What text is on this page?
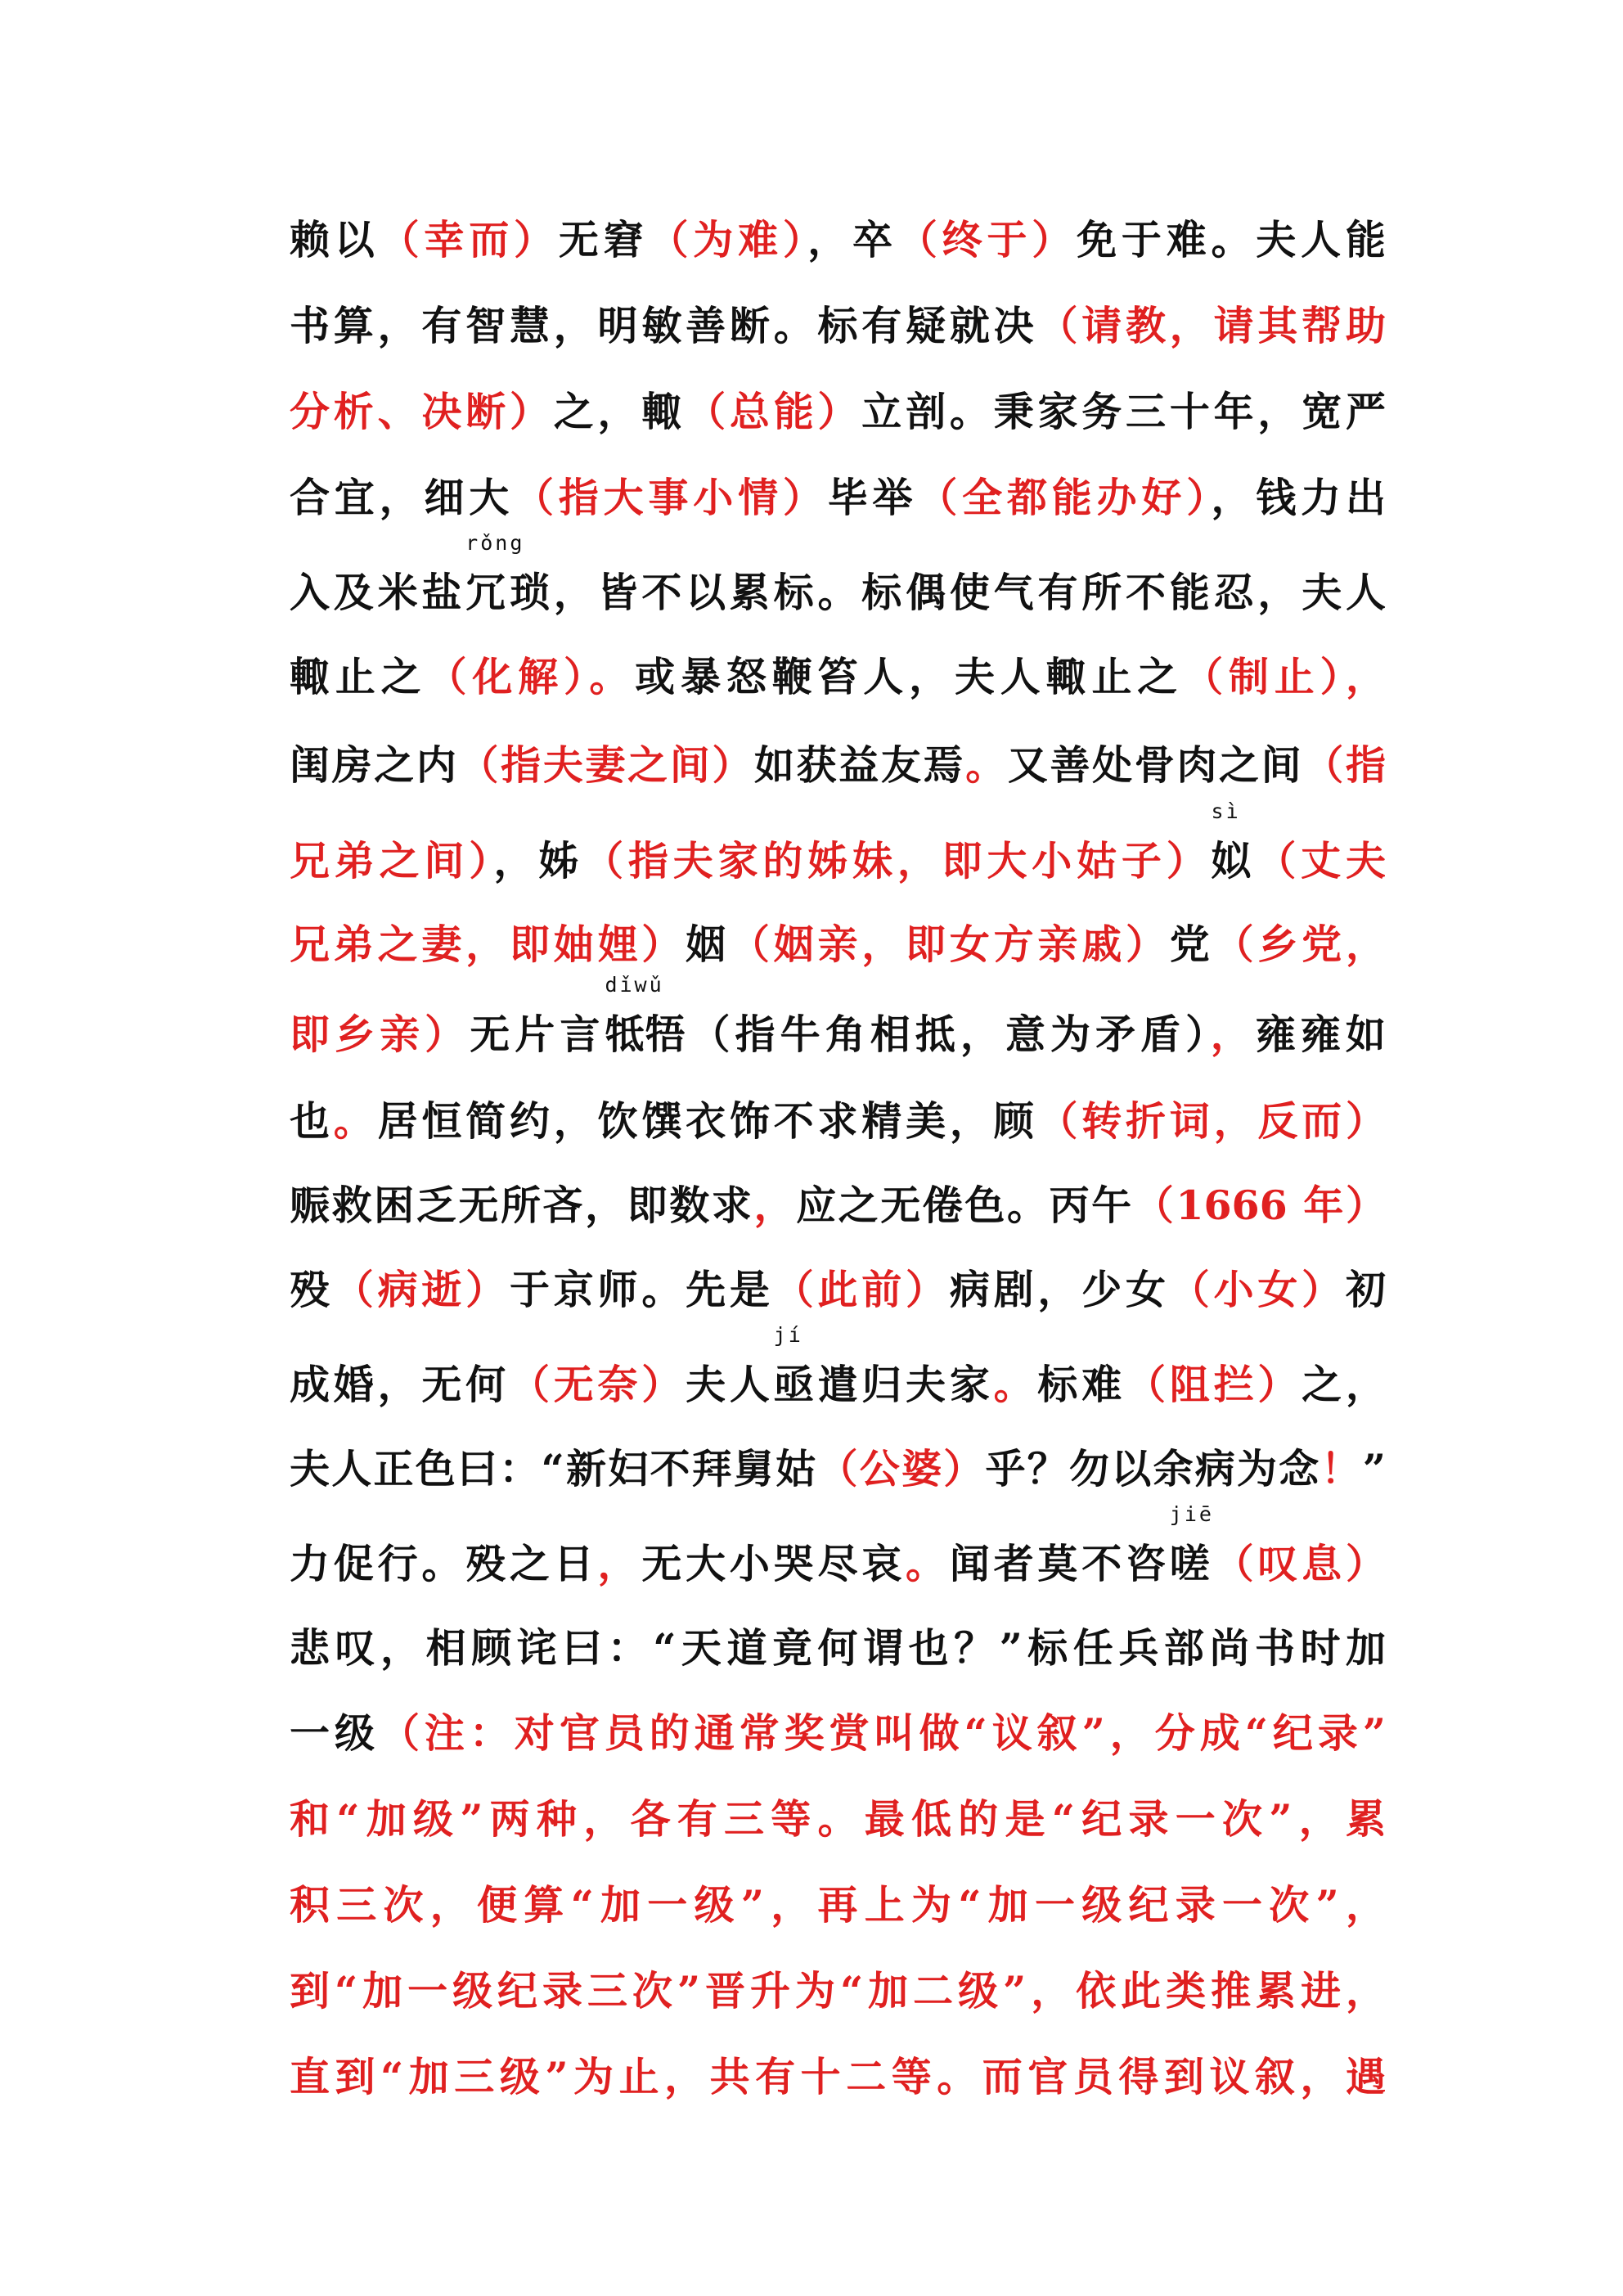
赖以（幸而）无窘（为难），卒（终于）免于难。夫人能
书算，有智慧，明敏善断。标有疑就决（请教，请其帮助
分析、决断）之，輙（总能）立剖。秉家务三十年，宽严
合宜，细大（指大事小情）毕举（全都能办好），钱力出
入及米盐
rǒng
冗琐，皆不以累标。标偶使气有所不能忍，夫人
輙止之（化解）。或暴怒鞭笞人，夫人輙止之（制止），
闺房之内（指夫妻之间）如获益友焉。又善处骨肉之间（指
兄弟之间），姊（指夫家的姊妹，即大小姑子）
sì
姒（丈夫
兄弟之妻，即妯娌）姻（姻亲，即女方亲戚）党（乡党，
即乡亲）无片言
dǐwǔ
牴牾（指牛角相抵，意为矛盾），雍雍如
也。居恒简约，饮馔衣饰不求精美，顾（转折词，反而）
赈救困乏无所吝，即数求，应之无倦色。丙午（1666 年）
殁（病逝）于京师。先是（此前）病剧，少女（小女）初
成婚，无何（无奈）夫人
jí
亟遣归夫家。标难（阻拦）之，
夫人正色曰：“新妇不拜舅姑（公婆）乎？勿以余病为念！”
力促行。殁之日，无大小哭尽哀。闻者莫不咨
jiē
嗟（叹息）
悲叹，相顾诧曰：“天道竟何谓也？”标任兵部尚书时加
一级（注：对官员的通常奖赏叫做“议叙”，分成“纪录”
和“加级”两种，各有三等。最低的是“纪录一次”，累
积三次，便算“加一级”，再上为“加一级纪录一次”，
到“加一级纪录三次”晋升为“加二级”，依此类推累进，
直到“加三级”为止，共有十二等。而官员得到议叙，遇
